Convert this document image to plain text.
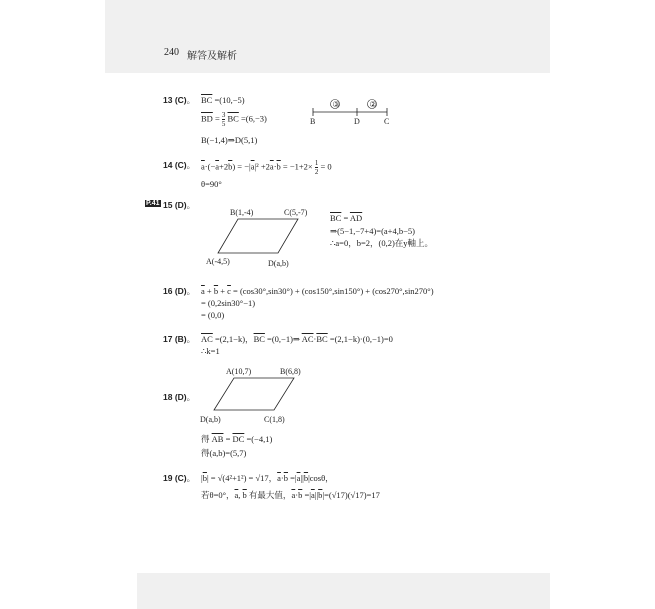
240 解答及解析
13 (C)。 $\overline{BC} =(10,-5)$
$\overline{BD} = \frac{3}{5} \overline{BC} =(6,-3)$
B(−1,4)⇒D(5,1)
③	②
B	D	C
14 (C)。 $\overline{a}\cdot(-\overline{a}+2\overline{b}) = -|\overline{a}|^2 +2\overline{a}\cdot\overline{b} = -1+2\times \frac{1}{2} = 0$
θ=90°
P.41 15 (D)。
B(1,-4)	C(5,-7)
A(-4,5)	D(a,b)
$\overline{BC} = \overline{AD}$
⇒(5−1,−7+4)=(a+4,b−5)
∴a=0，b=2，(0,2)在y軸上。
16 (D)。 $\overline{a} + \overline{b} + \overline{c} = (\cos 30^\circ,\sin 30^\circ) + (\cos 150^\circ,\sin 150^\circ) + (\cos 270^\circ,\sin 270^\circ)$
= (0,2sin30°−1)
= (0,0)
17 (B)。 $\overline{AC} =(2,1-k)$，$\overline{BC}$ =(0,−1)⇒ $\overline{AC}\cdot\overline{BC} =(2,1-k)\cdot(0,-1)=0$
∴k=1
18 (D)。
A(10,7)	B(6,8)
D(a,b)	C(1,8)
得 $\overline{AB} = \overline{DC} =(-4,1)$
得(a,b)=(5,7)
19 (C)。 $|\overline{b}| = √(4^2+1^2) = √17$，$\overline{a}\cdot\overline{b} =|\overline{a}||\overline{b}|\cos\theta$，
若θ=0°，$\overline{a}$, $\overline{b}$ 有最大值，$\overline{a}\cdot\overline{b} =|\overline{a}||\overline{b}|=(√17)(√17)=17$
